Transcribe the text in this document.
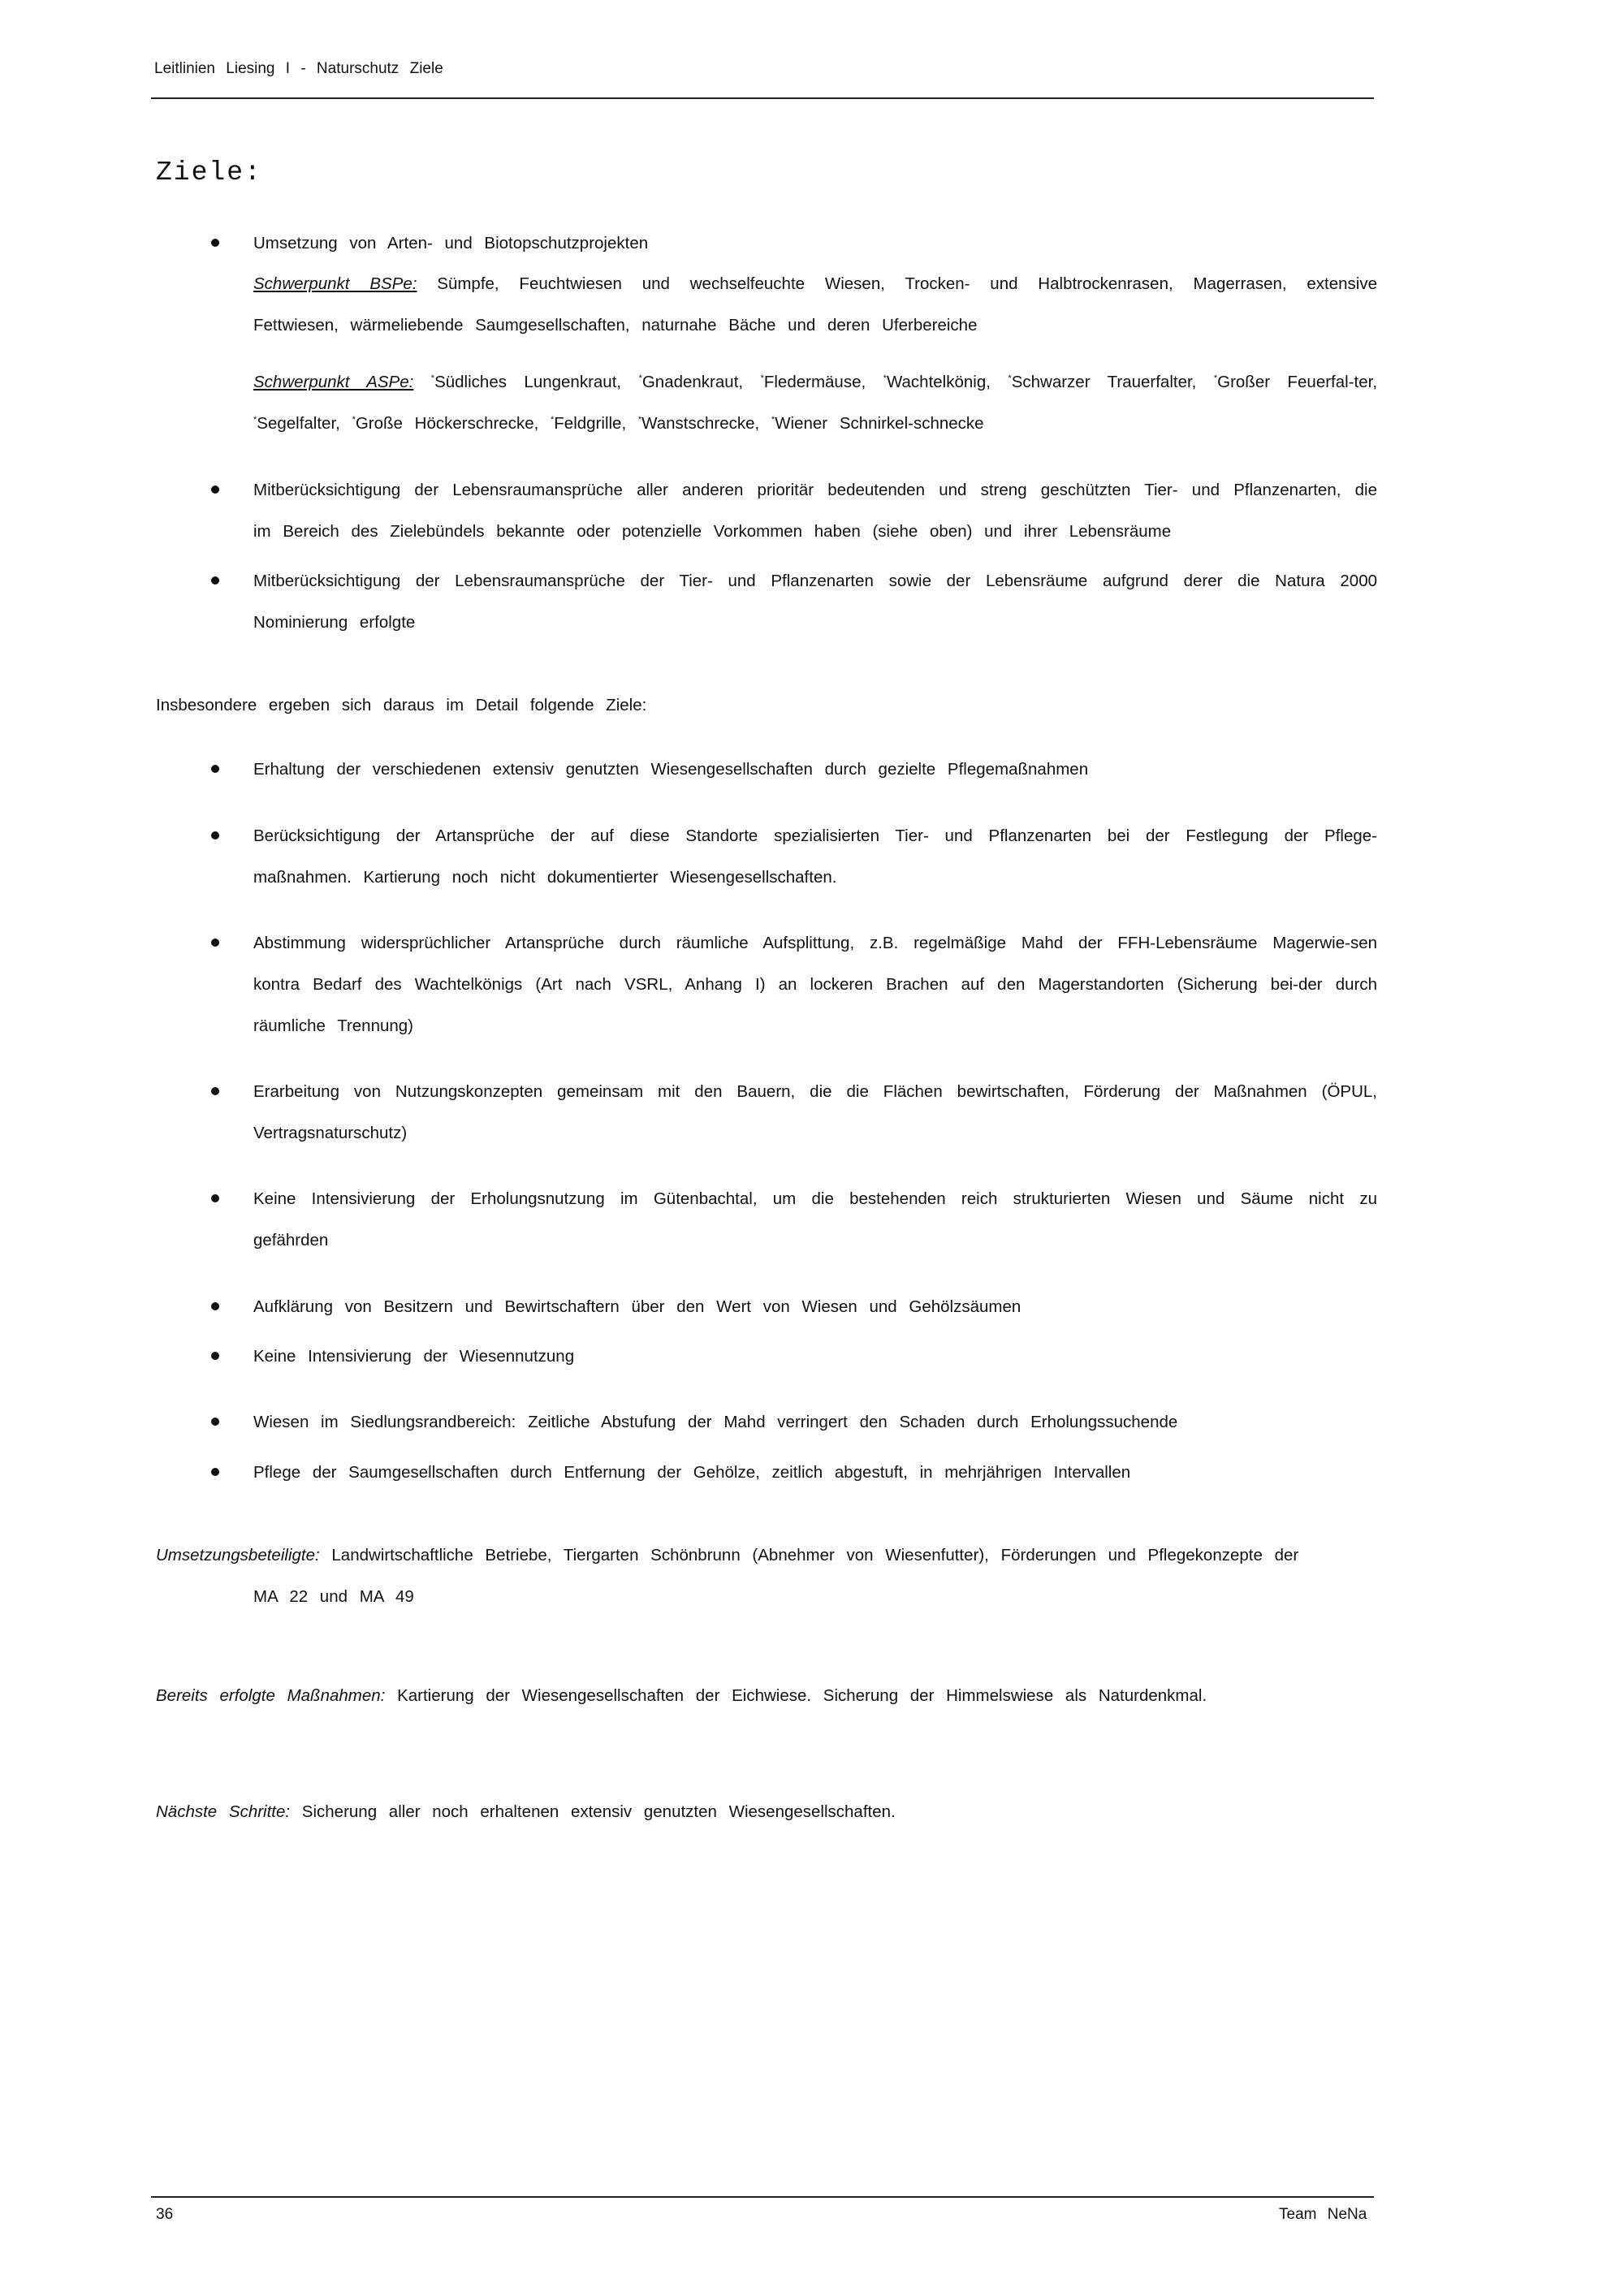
Leitlinien Liesing I - Naturschutz Ziele
Ziele:
Umsetzung von Arten- und Biotopschutzprojekten
Schwerpunkt BSPe: Sümpfe, Feuchtwiesen und wechselfeuchte Wiesen, Trocken- und Halbtrockenrasen, Magerrasen, extensive Fettwiesen, wärmeliebende Saumgesellschaften, naturnahe Bäche und deren Uferbereiche
Schwerpunkt ASPe: *Südliches Lungenkraut, *Gnadenkraut, *Fledermäuse, *Wachtelkönig, *Schwarzer Trauerfalter, *Großer Feuerfal-ter, *Segelfalter, *Große Höckerschrecke, *Feldgrille, *Wanstschrecke, *Wiener Schnirkel-schnecke
Mitberücksichtigung der Lebensraumansprüche aller anderen prioritär bedeutenden und streng geschützten Tier- und Pflanzenarten, die im Bereich des Zielebündels bekannte oder potenzielle Vorkommen haben (siehe oben) und ihrer Lebensräume
Mitberücksichtigung der Lebensraumansprüche der Tier- und Pflanzenarten sowie der Lebensräume aufgrund derer die Natura 2000 Nominierung erfolgte
Insbesondere ergeben sich daraus im Detail folgende Ziele:
Erhaltung der verschiedenen extensiv genutzten Wiesengesellschaften durch gezielte Pflegemaßnahmen
Berücksichtigung der Artansprüche der auf diese Standorte spezialisierten Tier- und Pflanzenarten bei der Festlegung der Pflege-maßnahmen. Kartierung noch nicht dokumentierter Wiesengesellschaften.
Abstimmung widersprüchlicher Artansprüche durch räumliche Aufsplittung, z.B. regelmäßige Mahd der FFH-Lebensräume Magerwie-sen kontra Bedarf des Wachtelkönigs (Art nach VSRL, Anhang I) an lockeren Brachen auf den Magerstandorten (Sicherung bei-der durch räumliche Trennung)
Erarbeitung von Nutzungskonzepten gemeinsam mit den Bauern, die die Flächen bewirtschaften, Förderung der Maßnahmen (ÖPUL, Vertragsnaturschutz)
Keine Intensivierung der Erholungsnutzung im Gütenbachtal, um die bestehenden reich strukturierten Wiesen und Säume nicht zu gefährden
Aufklärung von Besitzern und Bewirtschaftern über den Wert von Wiesen und Gehölzsäumen
Keine Intensivierung der Wiesennutzung
Wiesen im Siedlungsrandbereich: Zeitliche Abstufung der Mahd verringert den Schaden durch Erholungssuchende
Pflege der Saumgesellschaften durch Entfernung der Gehölze, zeitlich abgestuft, in mehrjährigen Intervallen
Umsetzungsbeteiligte: Landwirtschaftliche Betriebe, Tiergarten Schönbrunn (Abnehmer von Wiesenfutter), Förderungen und Pflegekonzepte der
MA 22 und MA 49
Bereits erfolgte Maßnahmen: Kartierung der Wiesengesellschaften der Eichwiese. Sicherung der Himmelswiese als Naturdenkmal.
Nächste Schritte: Sicherung aller noch erhaltenen extensiv genutzten Wiesengesellschaften.
36	Team NeNa
